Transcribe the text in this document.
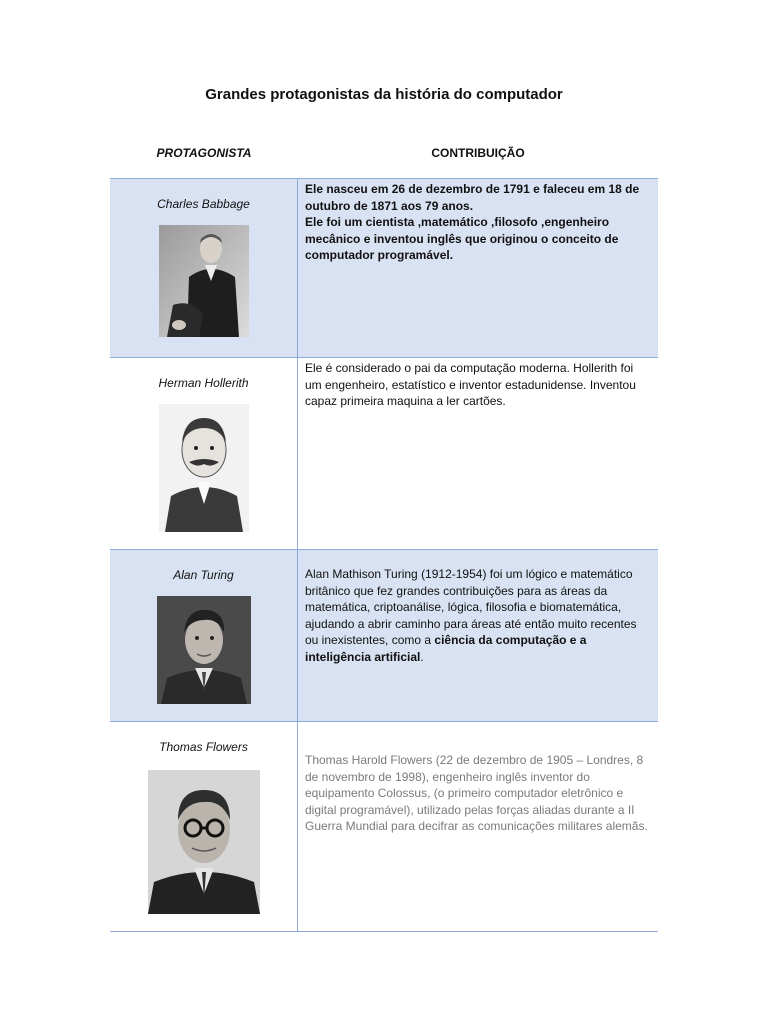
Grandes protagonistas da história do computador
PROTAGONISTA	CONTRIBUIÇÃO
Charles Babbage

Ele nasceu em 26 de dezembro de 1791 e faleceu em 18 de outubro de 1871 aos 79 anos.

Ele foi um cientista ,matemático ,filosofo ,engenheiro mecânico e inventou inglês que originou o conceito de computador programável.

Herman Hollerith

Ele é considerado o pai da computação moderna. Hollerith foi um engenheiro, estatístico e inventor estadunidense. Inventou capaz primeira maquina a ler cartões.

Alan Turing	Alan Mathison Turing (1912-1954) foi um lógico e matemático britânico que fez grandes contribuições para as áreas da matemática, criptoanálise, lógica, filosofia e biomatemática, ajudando a abrir caminho para áreas até então muito recentes ou inexistentes, como a ciência da computação e a inteligência artificial.

Thomas Flowers

Thomas Harold Flowers (22 de dezembro de 1905 – Londres, 8 de novembro de 1998), engenheiro inglês inventor do equipamento Colossus, (o primeiro computador eletrônico e digital programável), utilizado pelas forças aliadas durante a II Guerra Mundial para decifrar as comunicações militares alemãs.
